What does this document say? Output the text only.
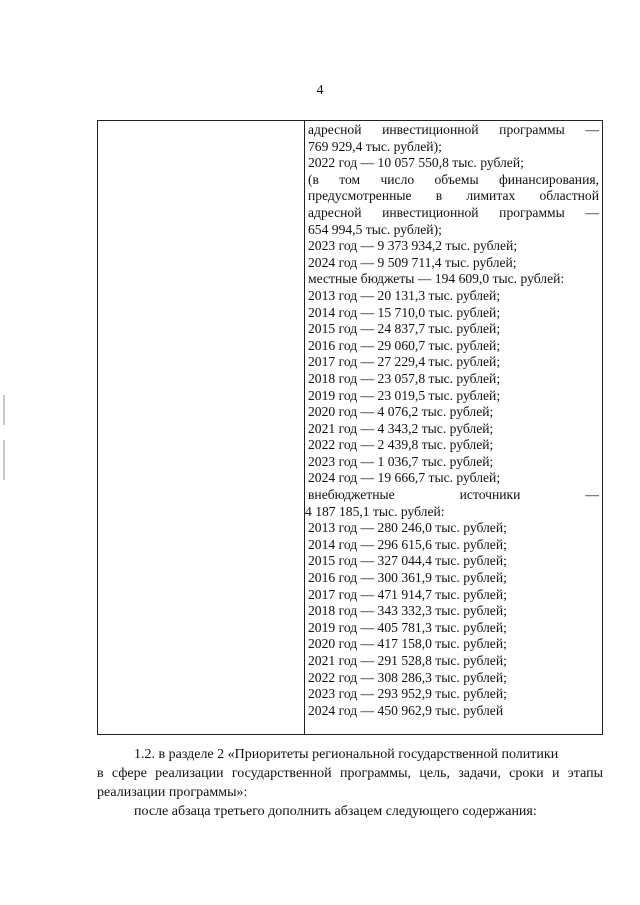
4
адресной инвестиционной программы —
769 929,4 тыс. рублей);
2022 год — 10 057 550,8 тыс. рублей;
(в том число объемы финансирования,
предусмотренные в лимитах областной
адресной инвестиционной программы —
654 994,5 тыс. рублей);
2023 год — 9 373 934,2 тыс. рублей;
2024 год — 9 509 711,4 тыс. рублей;
местные бюджеты — 194 609,0 тыс. рублей:
2013 год — 20 131,3 тыс. рублей;
2014 год — 15 710,0 тыс. рублей;
2015 год — 24 837,7 тыс. рублей;
2016 год — 29 060,7 тыс. рублей;
2017 год — 27 229,4 тыс. рублей;
2018 год — 23 057,8 тыс. рублей;
2019 год — 23 019,5 тыс. рублей;
2020 год — 4 076,2 тыс. рублей;
2021 год — 4 343,2 тыс. рублей;
2022 год — 2 439,8 тыс. рублей;
2023 год — 1 036,7 тыс. рублей;
2024 год — 19 666,7 тыс. рублей;
внебюджетные источники —
4 187 185,1 тыс. рублей:
2013 год — 280 246,0 тыс. рублей;
2014 год — 296 615,6 тыс. рублей;
2015 год — 327 044,4 тыс. рублей;
2016 год — 300 361,9 тыс. рублей;
2017 год — 471 914,7 тыс. рублей;
2018 год — 343 332,3 тыс. рублей;
2019 год — 405 781,3 тыс. рублей;
2020 год — 417 158,0 тыс. рублей;
2021 год — 291 528,8 тыс. рублей;
2022 год — 308 286,3 тыс. рублей;
2023 год — 293 952,9 тыс. рублей;
2024 год — 450 962,9 тыс. рублей
1.2. в разделе 2 «Приоритеты региональной государственной политики
в сфере реализации государственной программы, цель, задачи, сроки и этапы реализации программы»:
после абзаца третьего дополнить абзацем следующего содержания:
